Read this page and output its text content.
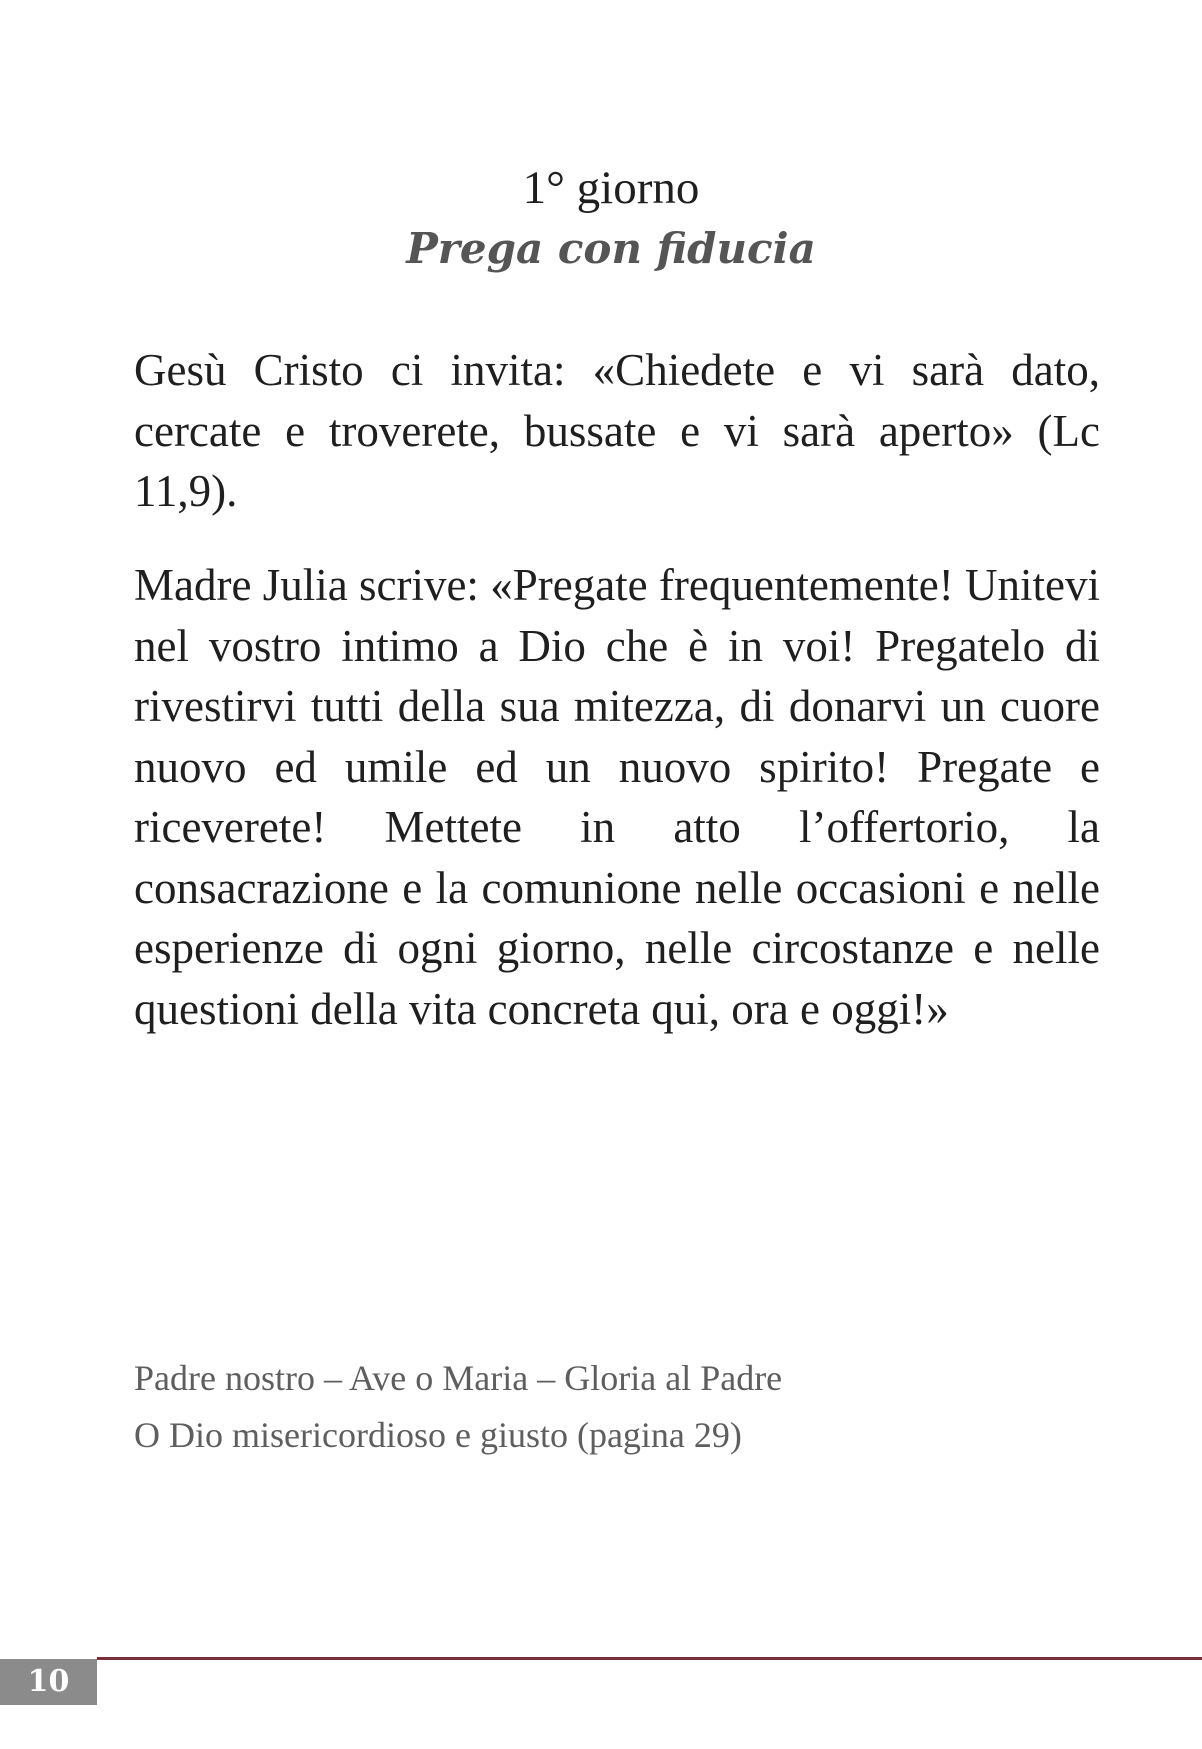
1° giorno
Prega con fiducia
Gesù Cristo ci invita: «Chiedete e vi sarà dato, cercate e troverete, bussate e vi sarà aperto» (Lc 11,9).
Madre Julia scrive: «Pregate frequentemente! Unitevi nel vostro intimo a Dio che è in voi! Pregatelo di rivestirvi tutti della sua mitezza, di donarvi un cuore nuovo ed umile ed un nuovo spirito! Pregate e riceverete! Mettete in atto l’offertorio, la consacrazione e la comunione nelle occasioni e nelle esperienze di ogni giorno, nelle circostanze e nelle questioni della vita concreta qui, ora e oggi!»
Padre nostro – Ave o Maria – Gloria al Padre
O Dio misericordioso e giusto (pagina 29)
10
